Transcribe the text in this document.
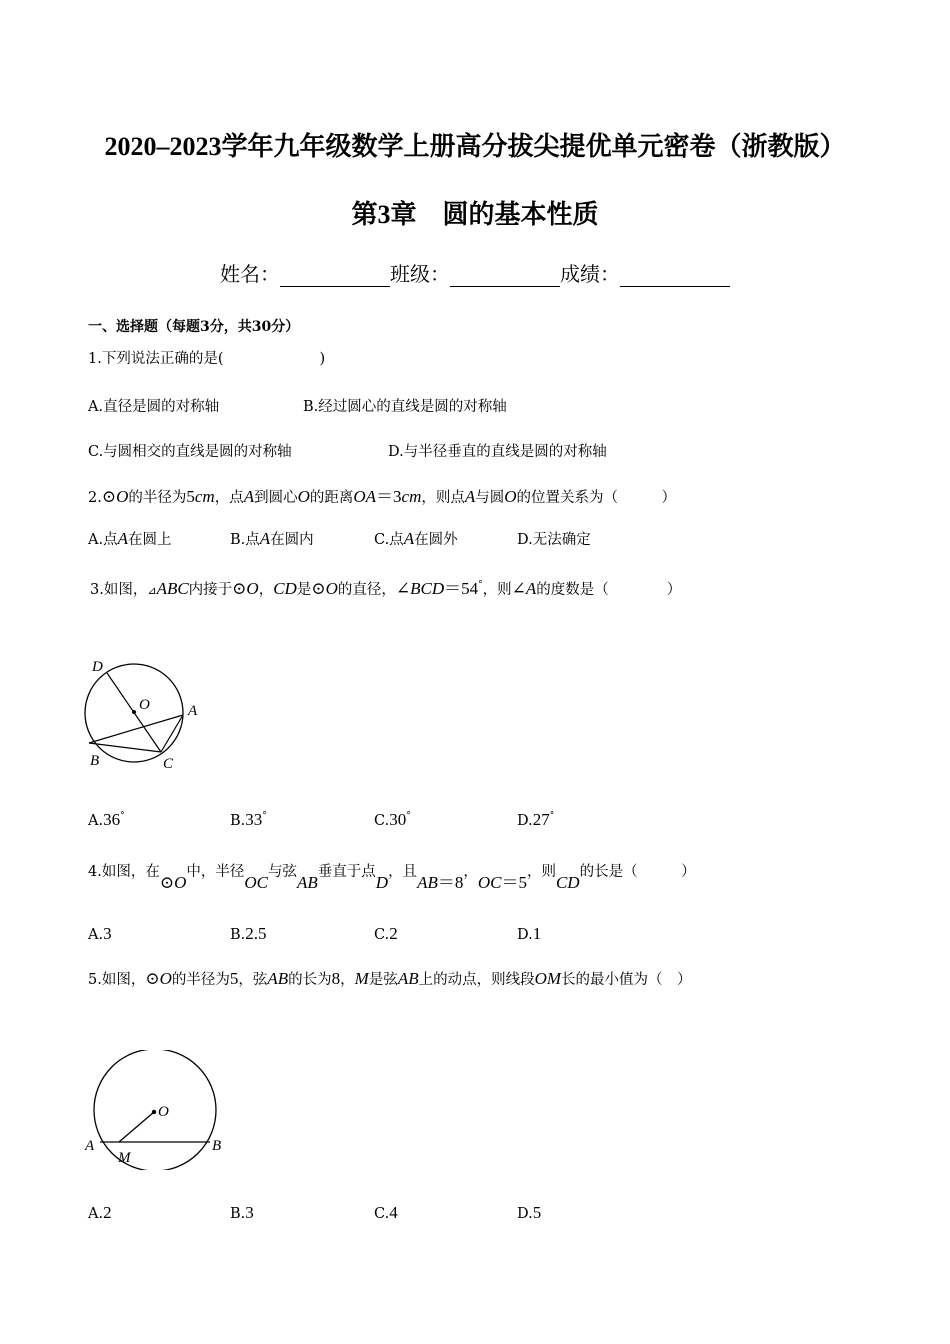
2020–2023学年九年级数学上册高分拔尖提优单元密卷（浙教版）
第3章　圆的基本性质
姓名：	班级：	成绩：
一、选择题（每题3分，共30分）
1.下列说法正确的是(	)
A.直径是圆的对称轴	B.经过圆心的直线是圆的对称轴
C.与圆相交的直线是圆的对称轴	D.与半径垂直的直线是圆的对称轴
2.⊙O的半径为5cm，点A到圆心O的距离OA＝3cm，则点A与圆O的位置关系为（　　　）
A.点A在圆上	B.点A在圆内	C.点A在圆外	D.无法确定
3.如图，⊿ABC内接于⊙O，CD是⊙O的直径，∠BCD＝54°，则∠A的度数是（　　　　）
D
O	A
B	C
A.36°	B.33°	C.30°	D.27°
4.如图，在⊙O中，半径OC与弦AB垂直于点D，且AB＝8，OC＝5，则CD的长是（　　　）
A.3	B.2.5	C.2	D.1
5.如图，⊙O的半径为5，弦AB的长为8，M是弦AB上的动点，则线段OM长的最小值为（　）
O
A	B
M
A.2	B.3	C.4	D.5
